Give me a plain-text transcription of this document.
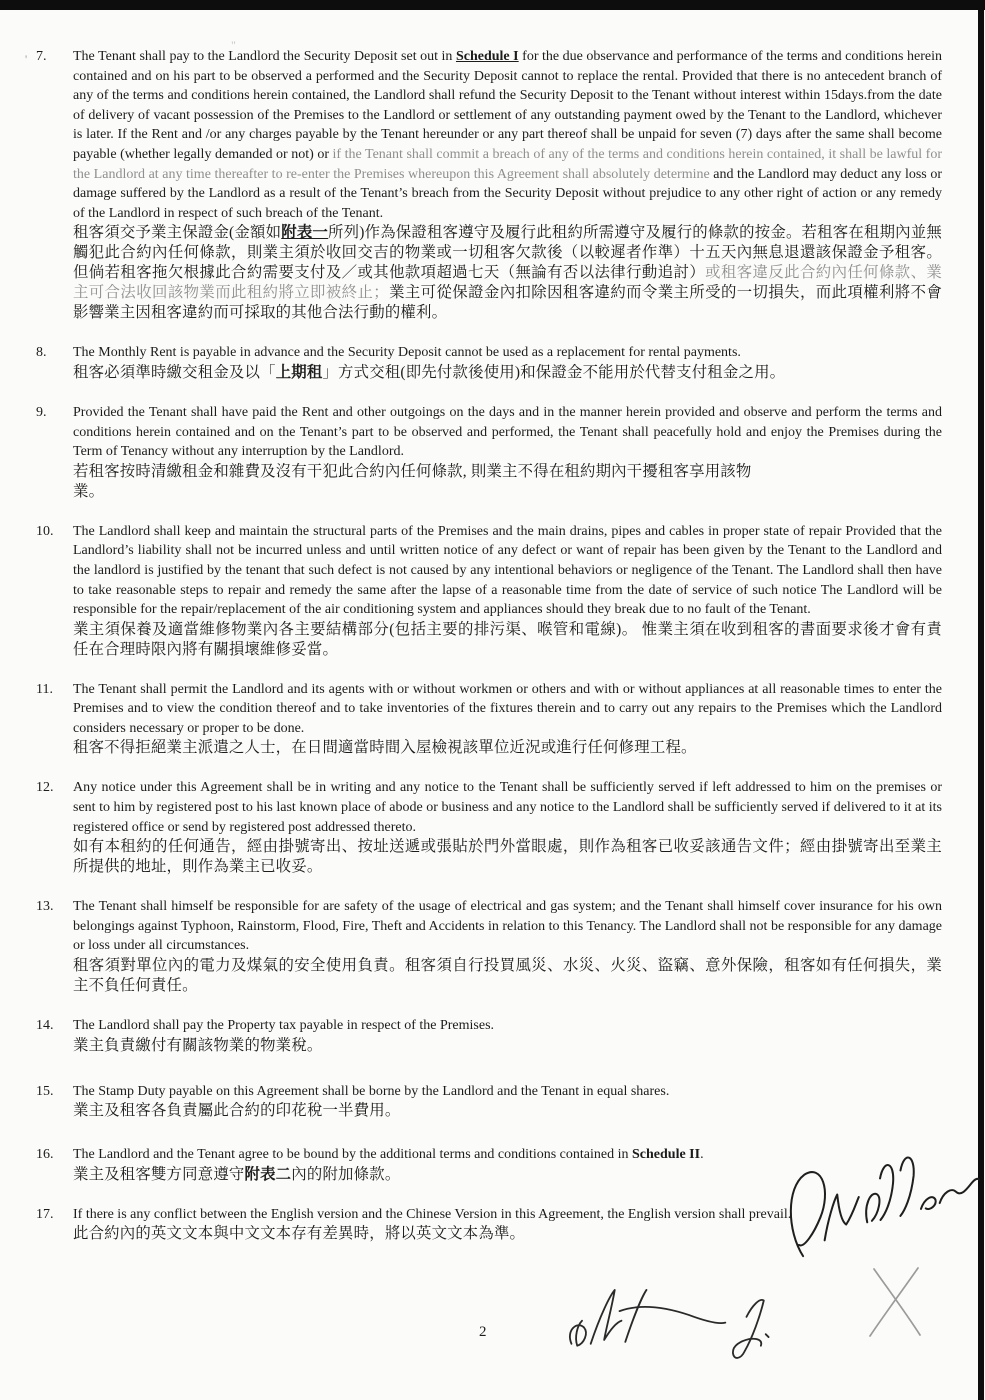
'
"
7.	The Tenant shall pay to the Landlord the Security Deposit set out in Schedule I for the due observance and performance of the terms and conditions herein contained and on his part to be observed a performed and the Security Deposit cannot to replace the rental. Provided that there is no antecedent branch of any of the terms and conditions herein contained, the Landlord shall refund the Security Deposit to the Tenant without interest within 15days.from the date of delivery of vacant possession of the Premises to the Landlord or settlement of any outstanding payment owed by the Tenant to the Landlord, whichever is later. If the Rent and /or any charges payable by the Tenant hereunder or any part thereof shall be unpaid for seven (7) days after the same shall become payable (whether legally demanded or not) or if the Tenant shall commit a breach of any of the terms and conditions herein contained, it shall be lawful for the Landlord at any time thereafter to re-enter the Premises whereupon this Agreement shall absolutely determine and the Landlord may deduct any loss or damage suffered by the Landlord as a result of the Tenant’s breach from the Security Deposit without prejudice to any other right of action or any remedy of the Landlord in respect of such breach of the Tenant.

租客須交予業主保證金(金額如附表一所列)作為保證租客遵守及履行此租約所需遵守及履行的條款的按金。若租客在租期內並無觸犯此合約內任何條款，則業主須於收回交吉的物業或一切租客欠款後（以較遲者作準）十五天內無息退還該保證金予租客。但倘若租客拖欠根據此合約需要支付及／或其他款項超過七天（無論有否以法律行動追討）或租客違反此合約內任何條款、業主可合法收回該物業而此租約將立即被終止；業主可從保證金內扣除因租客違約而令業主所受的一切損失，而此項權利將不會影響業主因租客違約而可採取的其他合法行動的權利。

8.	The Monthly Rent is payable in advance and the Security Deposit cannot be used as a replacement for rental payments.

租客必須準時繳交租金及以「上期租」方式交租(即先付款後使用)和保證金不能用於代替支付租金之用。

9.	Provided the Tenant shall have paid the Rent and other outgoings on the days and in the manner herein provided and observe and perform the terms and conditions herein contained and on the Tenant’s part to be observed and performed, the Tenant shall peacefully hold and enjoy the Premises during the Term of Tenancy without any interruption by the Landlord.

若租客按時清繳租金和雜費及沒有干犯此合約內任何條款, 則業主不得在租約期內干擾租客享用該物
業。

10.	The Landlord shall keep and maintain the structural parts of the Premises and the main drains, pipes and cables in proper state of repair Provided that the Landlord’s liability shall not be incurred unless and until written notice of any defect or want of repair has been given by the Tenant to the Landlord and the landlord is justified by the tenant that such defect is not caused by any intentional behaviors or negligence of the Tenant. The Landlord shall then have to take reasonable steps to repair and remedy the same after the lapse of a reasonable time from the date of service of such notice The Landlord will be responsible for the repair/replacement of the air conditioning system and appliances should they break due to no fault of the Tenant.

業主須保養及適當維修物業內各主要結構部分(包括主要的排污渠、喉管和電線)。 惟業主須在收到租客的書面要求後才會有責任在合理時限內將有關損壞維修妥當。

11.	The Tenant shall permit the Landlord and its agents with or without workmen or others and with or without appliances at all reasonable times to enter the Premises and to view the condition thereof and to take inventories of the fixtures therein and to carry out any repairs to the Premises which the Landlord considers necessary or proper to be done.

租客不得拒絕業主派遣之人士，在日間適當時間入屋檢視該單位近況或進行任何修理工程。

12.	Any notice under this Agreement shall be in writing and any notice to the Tenant shall be sufficiently served if left addressed to him on the premises or sent to him by registered post to his last known place of abode or business and any notice to the Landlord shall be sufficiently served if delivered to it at its registered office or send by registered post addressed thereto.

如有本租約的任何通告，經由掛號寄出、按址送遞或張貼於門外當眼處，則作為租客已收妥該通告文件；經由掛號寄出至業主所提供的地址，則作為業主已收妥。

13.	The Tenant shall himself be responsible for are safety of the usage of electrical and gas system; and the Tenant shall himself cover insurance for his own belongings against Typhoon, Rainstorm, Flood, Fire, Theft and Accidents in relation to this Tenancy. The Landlord shall not be responsible for any damage or loss under all circumstances.

租客須對單位內的電力及煤氣的安全使用負責。租客須自行投買風災、水災、火災、盜竊、意外保險，租客如有任何損失，業主不負任何責任。

14.	The Landlord shall pay the Property tax payable in respect of the Premises.

業主負責繳付有關該物業的物業稅。

15.	The Stamp Duty payable on this Agreement shall be borne by the Landlord and the Tenant in equal shares.

業主及租客各負責屬此合約的印花稅一半費用。

16.	The Landlord and the Tenant agree to be bound by the additional terms and conditions contained in Schedule II.

業主及租客雙方同意遵守附表二內的附加條款。

17.	If there is any conflict between the English version and the Chinese Version in this Agreement, the English version shall prevail.

此合約內的英文文本與中文文本存有差異時，將以英文文本為準。

2
